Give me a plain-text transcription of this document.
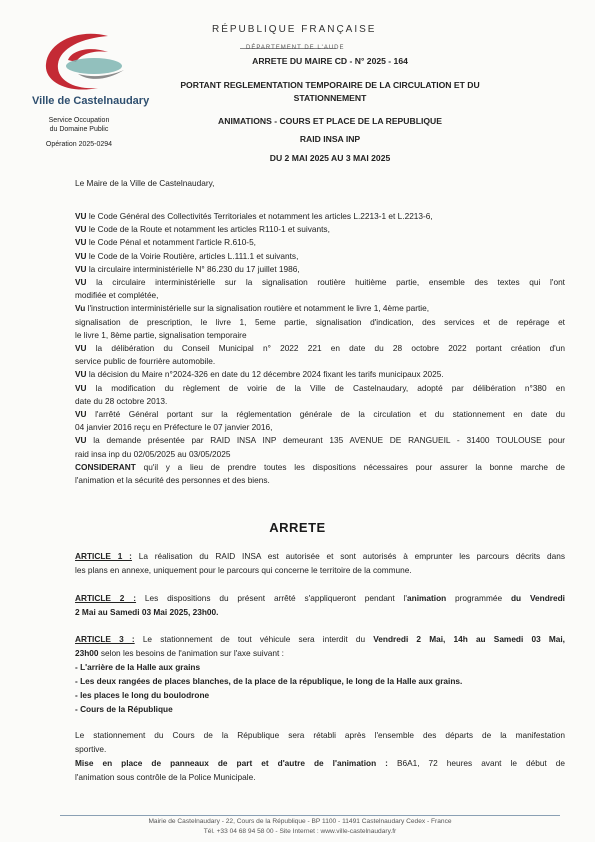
Ville de Castelnaudary
Service Occupation
du Domaine Public
Opération 2025-0294
RÉPUBLIQUE FRANÇAISE
DÉPARTEMENT DE L'AUDE
ARRETE DU MAIRE CD - N° 2025 - 164
PORTANT REGLEMENTATION TEMPORAIRE DE LA CIRCULATION ET DU
STATIONNEMENT
ANIMATIONS - COURS ET PLACE DE LA REPUBLIQUE
RAID INSA INP
DU 2 MAI 2025 AU 3 MAI 2025
Le Maire de la Ville de Castelnaudary,
VU le Code Général des Collectivités Territoriales et notamment les articles L.2213-1 et L.2213-6,
VU le Code de la Route et notamment les articles R110-1 et suivants,
VU le Code Pénal et notamment l'article R.610-5,
VU le Code de la Voirie Routière, articles L.111.1 et suivants,
VU la circulaire interministérielle N° 86.230 du 17 juillet 1986,
VU la circulaire interministérielle sur la signalisation routière huitième partie, ensemble des textes qui l'ont
modifiée et complétée,
Vu l'instruction interministérielle sur la signalisation routière et notamment le livre 1, 4ème partie,
signalisation de prescription, le livre 1, 5eme partie, signalisation d'indication, des services et de repérage et
le livre 1, 8ème partie, signalisation temporaire
VU la délibération du Conseil Municipal n° 2022 221 en date du 28 octobre 2022 portant création d'un
service public de fourrière automobile.
VU la décision du Maire n°2024-326 en date du 12 décembre 2024 fixant les tarifs municipaux 2025.
VU la modification du règlement de voirie de la Ville de Castelnaudary, adopté par délibération n°380 en
date du 28 octobre 2013.
VU l'arrêté Général portant sur la réglementation générale de la circulation et du stationnement en date du
04 janvier 2016 reçu en Préfecture le 07 janvier 2016,
VU la demande présentée par RAID INSA INP demeurant 135 AVENUE DE RANGUEIL - 31400 TOULOUSE pour
raid insa inp du 02/05/2025 au 03/05/2025
CONSIDERANT qu'il y a lieu de prendre toutes les dispositions nécessaires pour assurer la bonne marche de
l'animation et la sécurité des personnes et des biens.
ARTICLE 1 : La réalisation du RAID INSA est autorisée et sont autorisés à emprunter les parcours décrits dans
les plans en annexe, uniquement pour le parcours qui concerne le territoire de la commune.
ARTICLE 2 : Les dispositions du présent arrêté s'appliqueront pendant l'animation programmée du Vendredi
2 Mai au Samedi 03 Mai 2025, 23h00.
ARTICLE 3 : Le stationnement de tout véhicule sera interdit du Vendredi 2 Mai, 14h au Samedi 03 Mai,
23h00 selon les besoins de l'animation sur l'axe suivant :
- L'arrière de la Halle aux grains
- Les deux rangées de places blanches, de la place de la république, le long de la Halle aux grains.
- les places le long du boulodrone
- Cours de la République
Le stationnement du Cours de la République sera rétabli après l'ensemble des départs de la manifestation
sportive.
Mise en place de panneaux de part et d'autre de l'animation : B6A1, 72 heures avant le début de
l'animation sous contrôle de la Police Municipale.
ARRETE
Mairie de Castelnaudary - 22, Cours de la République - BP 1100 - 11491 Castelnaudary Cedex - France
Tél. +33 04 68 94 58 00 - Site Internet : www.ville-castelnaudary.fr
